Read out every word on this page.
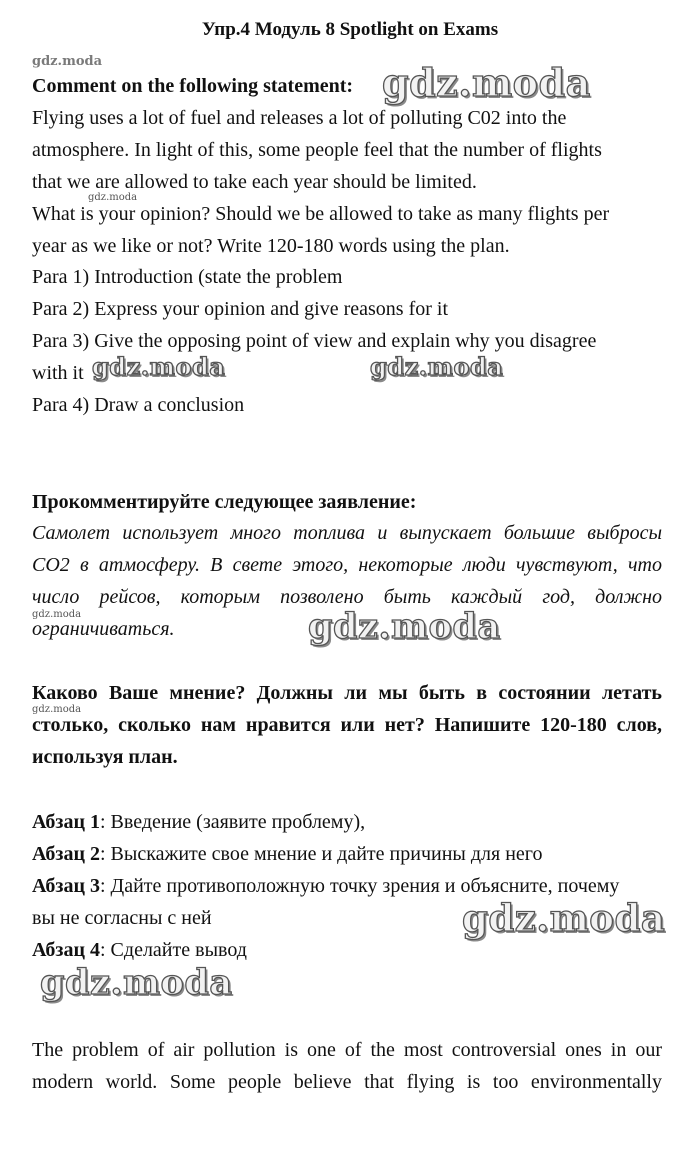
Упр.4 Модуль 8 Spotlight on Exams
Comment on the following statement:
Flying uses a lot of fuel and releases a lot of polluting C02 into the
atmosphere. In light of this, some people feel that the number of flights
that we are allowed to take each year should be limited.
What is your opinion? Should we be allowed to take as many flights per
year as we like or not? Write 120-180 words using the plan.
Para 1) Introduction (state the problem
Para 2) Express your opinion and give reasons for it
Para 3) Give the opposing point of view and explain why you disagree
with it
Para 4) Draw a conclusion
Прокомментируйте следующее заявление:
Самолет использует много топлива и выпускает большие выбросы
CO2 в атмосферу. В свете этого, некоторые люди чувствуют, что
число рейсов, которым позволено быть каждый год, должно
ограничиваться.
Каково Ваше мнение? Должны ли мы быть в состоянии летать
столько, сколько нам нравится или нет? Напишите 120-180 слов,
используя план.
Абзац 1: Введение (заявите проблему),
Абзац 2: Выскажите свое мнение и дайте причины для него
Абзац 3: Дайте противоположную точку зрения и объясните, почему
вы не согласны с ней
Абзац 4: Сделайте вывод
The problem of air pollution is one of the most controversial ones in our
modern world. Some people believe that flying is too environmentally
gdz.moda	gdz.moda
gdz.moda
gdz.moda	gdz.moda
gdz.moda	gdz.moda
gdz.moda
gdz.moda
gdz.moda
